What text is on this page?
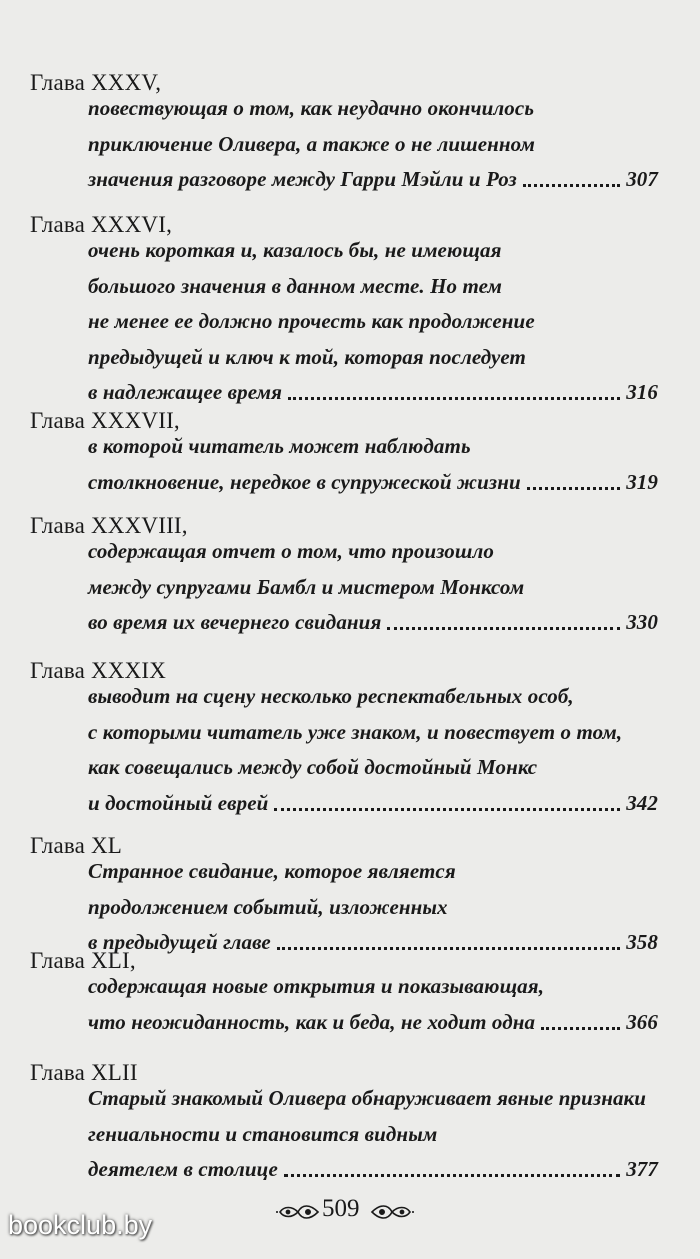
Глава XXXV,
повествующая о том, как неудачно окончилось
приключение Оливера, а также о не лишенном
значения разговоре между Гарри Мэйли и Роз	307
Глава XXXVI,
очень короткая и, казалось бы, не имеющая
большого значения в данном месте. Но тем
не менее ее должно прочесть как продолжение
предыдущей и ключ к той, которая последует
в надлежащее время	316
Глава XXXVII,
в которой читатель может наблюдать
столкновение, нередкое в супружеской жизни	319
Глава XXXVIII,
содержащая отчет о том, что произошло
между супругами Бамбл и мистером Монксом
во время их вечернего свидания	330
Глава XXXIX
выводит на сцену несколько респектабельных особ,
с которыми читатель уже знаком, и повествует о том,
как совещались между собой достойный Монкс
и достойный еврей	342
Глава XL
Странное свидание, которое является
продолжением событий, изложенных
в предыдущей главе	358
Глава XLI,
содержащая новые открытия и показывающая,
что неожиданность, как и беда, не ходит одна	366
Глава XLII
Старый знакомый Оливера обнаруживает явные признаки
гениальности и становится видным
деятелем в столице	377
509
bookclub.by
